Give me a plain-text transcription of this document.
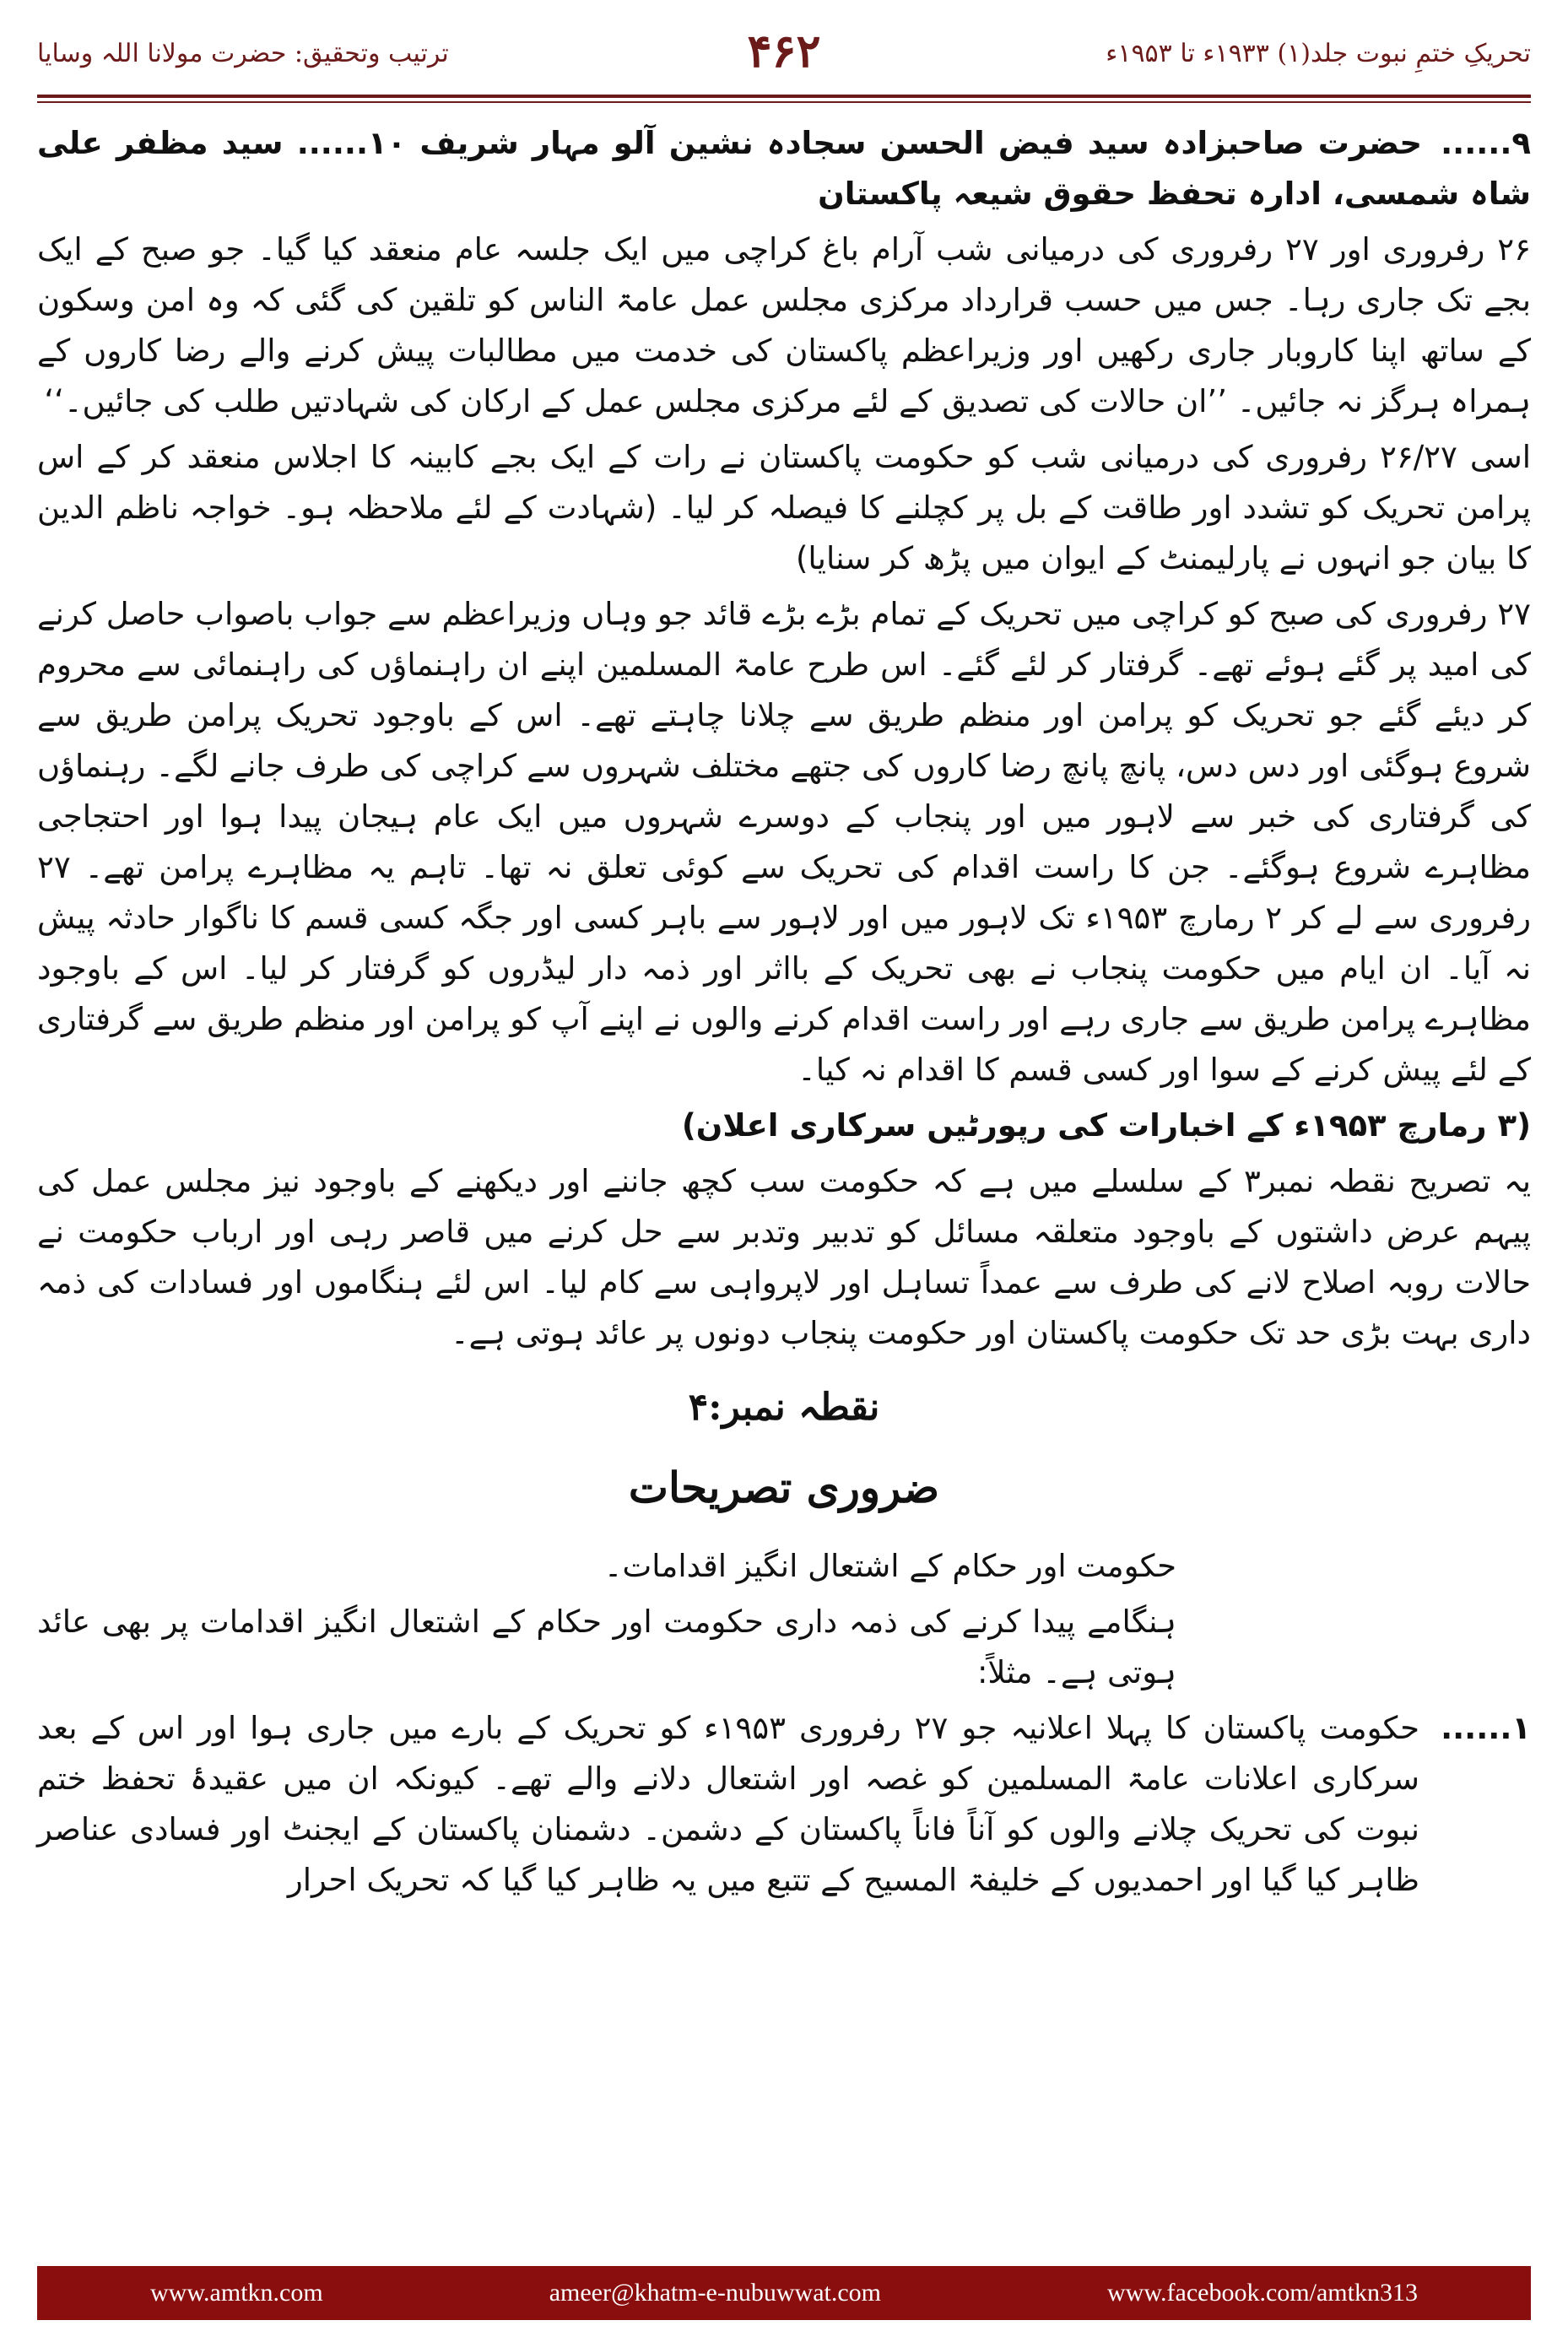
تحریکِ ختمِ نبوت جلد(۱) ۱۹۳۳ء تا ۱۹۵۳ء
۴۶۲
ترتیب وتحقیق: حضرت مولانا اللہ وسایا

۹......حضرت صاحبزادہ سید فیض الحسن سجادہ نشین آلو مہار شریف ۱۰...... سید مظفر علی شاہ شمسی، ادارہ تحفظ حقوق شیعہ پاکستان

۲۶ رفروری اور ۲۷ رفروری کی درمیانی شب آرام باغ کراچی میں ایک جلسہ عام منعقد کیا گیا۔ جو صبح کے ایک بجے تک جاری رہا۔ جس میں حسب قرارداد مرکزی مجلس عمل عامۃ الناس کو تلقین کی گئی کہ وہ امن وسکون کے ساتھ اپنا کاروبار جاری رکھیں اور وزیراعظم پاکستان کی خدمت میں مطالبات پیش کرنے والے رضا کاروں کے ہمراہ ہرگز نہ جائیں۔ ’’ان حالات کی تصدیق کے لئے مرکزی مجلس عمل کے ارکان کی شہادتیں طلب کی جائیں۔‘‘

اسی ۲۶/۲۷ رفروری کی درمیانی شب کو حکومت پاکستان نے رات کے ایک بجے کابینہ کا اجلاس منعقد کر کے اس پرامن تحریک کو تشدد اور طاقت کے بل پر کچلنے کا فیصلہ کر لیا۔ (شہادت کے لئے ملاحظہ ہو۔ خواجہ ناظم الدین کا بیان جو انہوں نے پارلیمنٹ کے ایوان میں پڑھ کر سنایا)

۲۷ رفروری کی صبح کو کراچی میں تحریک کے تمام بڑے بڑے قائد جو وہاں وزیراعظم سے جواب باصواب حاصل کرنے کی امید پر گئے ہوئے تھے۔ گرفتار کر لئے گئے۔ اس طرح عامۃ المسلمین اپنے ان راہنماؤں کی راہنمائی سے محروم کر دیئے گئے جو تحریک کو پرامن اور منظم طریق سے چلانا چاہتے تھے۔ اس کے باوجود تحریک پرامن طریق سے شروع ہوگئی اور دس دس، پانچ پانچ رضا کاروں کی جتھے مختلف شہروں سے کراچی کی طرف جانے لگے۔ رہنماؤں کی گرفتاری کی خبر سے لاہور میں اور پنجاب کے دوسرے شہروں میں ایک عام ہیجان پیدا ہوا اور احتجاجی مظاہرے شروع ہوگئے۔ جن کا راست اقدام کی تحریک سے کوئی تعلق نہ تھا۔ تاہم یہ مظاہرے پرامن تھے۔ ۲۷ رفروری سے لے کر ۲ رمارچ ۱۹۵۳ء تک لاہور میں اور لاہور سے باہر کسی اور جگہ کسی قسم کا ناگوار حادثہ پیش نہ آیا۔ ان ایام میں حکومت پنجاب نے بھی تحریک کے بااثر اور ذمہ دار لیڈروں کو گرفتار کر لیا۔ اس کے باوجود مظاہرے پرامن طریق سے جاری رہے اور راست اقدام کرنے والوں نے اپنے آپ کو پرامن اور منظم طریق سے گرفتاری کے لئے پیش کرنے کے سوا اور کسی قسم کا اقدام نہ کیا۔

(۳ رمارچ ۱۹۵۳ء کے اخبارات کی رپورٹیں سرکاری اعلان)

یہ تصریح نقطہ نمبر۳ کے سلسلے میں ہے کہ حکومت سب کچھ جاننے اور دیکھنے کے باوجود نیز مجلس عمل کی پیہم عرض داشتوں کے باوجود متعلقہ مسائل کو تدبیر وتدبر سے حل کرنے میں قاصر رہی اور ارباب حکومت نے حالات روبہ اصلاح لانے کی طرف سے عمداً تساہل اور لاپرواہی سے کام لیا۔ اس لئے ہنگاموں اور فسادات کی ذمہ داری بہت بڑی حد تک حکومت پاکستان اور حکومت پنجاب دونوں پر عائد ہوتی ہے۔

نقطہ نمبر:۴
ضروری تصریحات

حکومت اور حکام کے اشتعال انگیز اقدامات۔

ہنگامے پیدا کرنے کی ذمہ داری حکومت اور حکام کے اشتعال انگیز اقدامات پر بھی عائد ہوتی ہے۔ مثلاً:

۱......
حکومت پاکستان کا پہلا اعلانیہ جو ۲۷ رفروری ۱۹۵۳ء کو تحریک کے بارے میں جاری ہوا اور اس کے بعد سرکاری اعلانات عامۃ المسلمین کو غصہ اور اشتعال دلانے والے تھے۔ کیونکہ ان میں عقیدۂ تحفظ ختم نبوت کی تحریک چلانے والوں کو آناً فاناً پاکستان کے دشمن۔ دشمنان پاکستان کے ایجنٹ اور فسادی عناصر ظاہر کیا گیا اور احمدیوں کے خلیفۃ المسیح کے تتبع میں یہ ظاہر کیا گیا کہ تحریک احرار
www.amtkn.com	ameer@khatm-e-nubuwwat.com	www.facebook.com/amtkn313
